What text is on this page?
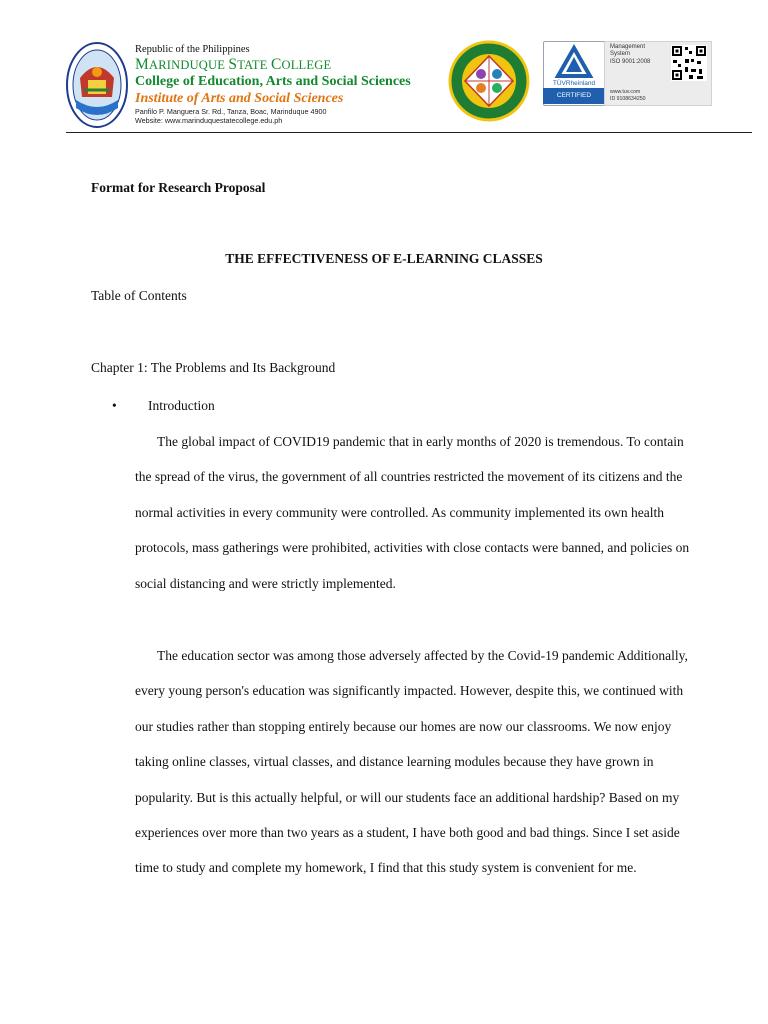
Republic of the Philippines
MARINDUQUE STATE COLLEGE
College of Education, Arts and Social Sciences
Institute of Arts and Social Sciences
Panfilo P. Manguera Sr. Rd., Tanza, Boac, Marinduque 4900
Website: www.marinduquestatecollege.edu.ph
TÜVRheinland
CERTIFIED
Management
System
ISO 9001:2008
www.tuv.com
ID 9108634250
Format for Research Proposal
THE EFFECTIVENESS OF E-LEARNING CLASSES
Table of Contents
Chapter 1: The Problems and Its Background
• Introduction
The global impact of COVID19 pandemic that in early months of 2020 is tremendous. To contain the spread of the virus, the government of all countries restricted the movement of its citizens and the normal activities in every community were controlled. As community implemented its own health protocols, mass gatherings were prohibited, activities with close contacts were banned, and policies on social distancing and were strictly implemented.
The education sector was among those adversely affected by the Covid-19 pandemic Additionally, every young person's education was significantly impacted. However, despite this, we continued with our studies rather than stopping entirely because our homes are now our classrooms. We now enjoy taking online classes, virtual classes, and distance learning modules because they have grown in popularity. But is this actually helpful, or will our students face an additional hardship? Based on my experiences over more than two years as a student, I have both good and bad things. Since I set aside time to study and complete my homework, I find that this study system is convenient for me.
